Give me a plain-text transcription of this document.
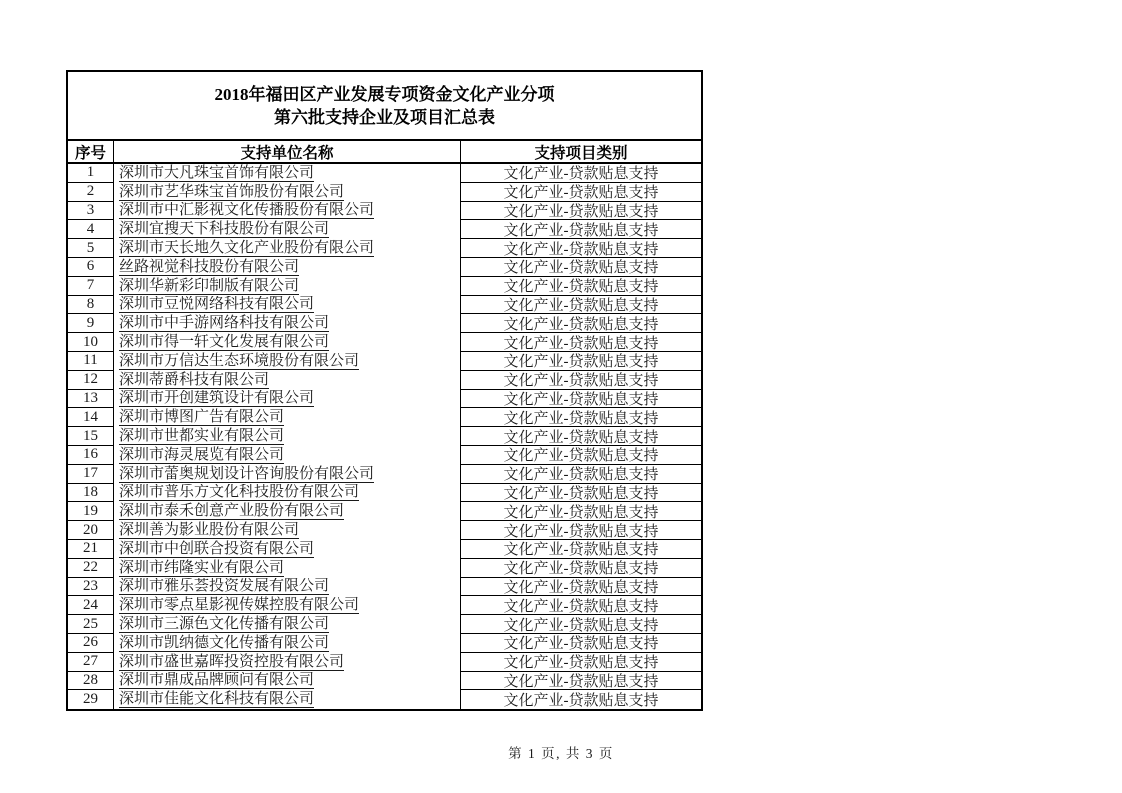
2018年福田区产业发展专项资金文化产业分项
第六批支持企业及项目汇总表
序号	支持单位名称	支持项目类别
1 深圳市大凡珠宝首饰有限公司	文化产业-贷款贴息支持
2 深圳市艺华珠宝首饰股份有限公司	文化产业-贷款贴息支持
3 深圳市中汇影视文化传播股份有限公司	文化产业-贷款贴息支持
4 深圳宜搜天下科技股份有限公司	文化产业-贷款贴息支持
5 深圳市天长地久文化产业股份有限公司	文化产业-贷款贴息支持
6 丝路视觉科技股份有限公司	文化产业-贷款贴息支持
7 深圳华新彩印制版有限公司	文化产业-贷款贴息支持
8 深圳市豆悦网络科技有限公司	文化产业-贷款贴息支持
9 深圳市中手游网络科技有限公司	文化产业-贷款贴息支持
10 深圳市得一轩文化发展有限公司	文化产业-贷款贴息支持
11 深圳市万信达生态环境股份有限公司	文化产业-贷款贴息支持
12 深圳蒂爵科技有限公司	文化产业-贷款贴息支持
13 深圳市开创建筑设计有限公司	文化产业-贷款贴息支持
14 深圳市博图广告有限公司	文化产业-贷款贴息支持
15 深圳市世都实业有限公司	文化产业-贷款贴息支持
16 深圳市海灵展览有限公司	文化产业-贷款贴息支持
17 深圳市蕾奥规划设计咨询股份有限公司	文化产业-贷款贴息支持
18 深圳市普乐方文化科技股份有限公司	文化产业-贷款贴息支持
19 深圳市泰禾创意产业股份有限公司	文化产业-贷款贴息支持
20 深圳善为影业股份有限公司	文化产业-贷款贴息支持
21 深圳市中创联合投资有限公司	文化产业-贷款贴息支持
22 深圳市纬隆实业有限公司	文化产业-贷款贴息支持
23 深圳市雅乐荟投资发展有限公司	文化产业-贷款贴息支持
24 深圳市零点星影视传媒控股有限公司	文化产业-贷款贴息支持
25 深圳市三源色文化传播有限公司	文化产业-贷款贴息支持
26 深圳市凯纳德文化传播有限公司	文化产业-贷款贴息支持
27 深圳市盛世嘉晖投资控股有限公司	文化产业-贷款贴息支持
28 深圳市鼎成品牌顾问有限公司	文化产业-贷款贴息支持
29 深圳市佳能文化科技有限公司	文化产业-贷款贴息支持
第 1 页, 共 3 页
